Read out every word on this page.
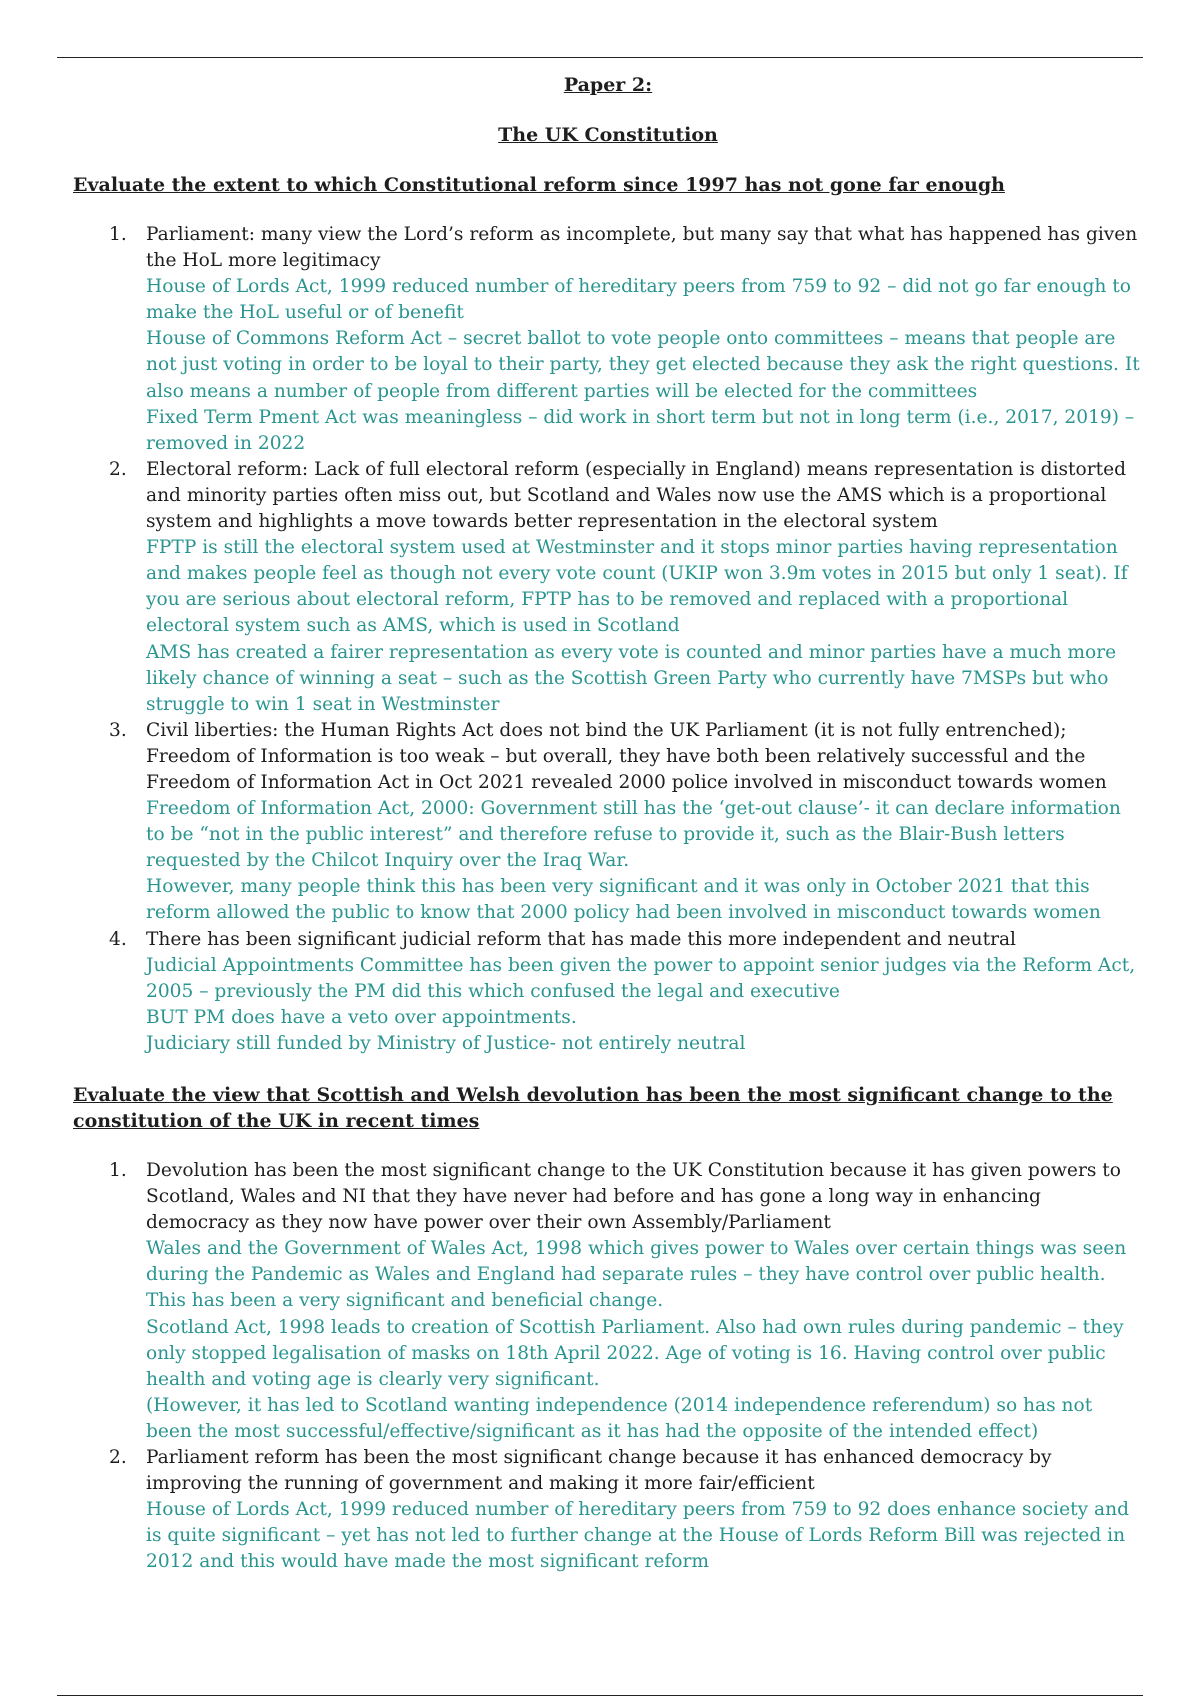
Paper 2:
The UK Constitution
Evaluate the extent to which Constitutional reform since 1997 has not gone far enough
1. Parliament: many view the Lord’s reform as incomplete, but many say that what has happened has given the HoL more legitimacy
House of Lords Act, 1999 reduced number of hereditary peers from 759 to 92 – did not go far enough to make the HoL useful or of benefit
House of Commons Reform Act – secret ballot to vote people onto committees – means that people are not just voting in order to be loyal to their party, they get elected because they ask the right questions. It also means a number of people from different parties will be elected for the committees
Fixed Term Pment Act was meaningless – did work in short term but not in long term (i.e., 2017, 2019) – removed in 2022
2. Electoral reform: Lack of full electoral reform (especially in England) means representation is distorted and minority parties often miss out, but Scotland and Wales now use the AMS which is a proportional system and highlights a move towards better representation in the electoral system
FPTP is still the electoral system used at Westminster and it stops minor parties having representation and makes people feel as though not every vote count (UKIP won 3.9m votes in 2015 but only 1 seat). If you are serious about electoral reform, FPTP has to be removed and replaced with a proportional electoral system such as AMS, which is used in Scotland
AMS has created a fairer representation as every vote is counted and minor parties have a much more likely chance of winning a seat – such as the Scottish Green Party who currently have 7MSPs but who struggle to win 1 seat in Westminster
3. Civil liberties: the Human Rights Act does not bind the UK Parliament (it is not fully entrenched); Freedom of Information is too weak – but overall, they have both been relatively successful and the Freedom of Information Act in Oct 2021 revealed 2000 police involved in misconduct towards women
Freedom of Information Act, 2000: Government still has the ‘get-out clause’- it can declare information to be “not in the public interest” and therefore refuse to provide it, such as the Blair-Bush letters requested by the Chilcot Inquiry over the Iraq War.
However, many people think this has been very significant and it was only in October 2021 that this reform allowed the public to know that 2000 policy had been involved in misconduct towards women
4. There has been significant judicial reform that has made this more independent and neutral
Judicial Appointments Committee has been given the power to appoint senior judges via the Reform Act, 2005 – previously the PM did this which confused the legal and executive
BUT PM does have a veto over appointments.
Judiciary still funded by Ministry of Justice- not entirely neutral
Evaluate the view that Scottish and Welsh devolution has been the most significant change to the constitution of the UK in recent times
1. Devolution has been the most significant change to the UK Constitution because it has given powers to Scotland, Wales and NI that they have never had before and has gone a long way in enhancing democracy as they now have power over their own Assembly/Parliament
Wales and the Government of Wales Act, 1998 which gives power to Wales over certain things was seen during the Pandemic as Wales and England had separate rules – they have control over public health. This has been a very significant and beneficial change.
Scotland Act, 1998 leads to creation of Scottish Parliament. Also had own rules during pandemic – they only stopped legalisation of masks on 18th April 2022. Age of voting is 16. Having control over public health and voting age is clearly very significant.
(However, it has led to Scotland wanting independence (2014 independence referendum) so has not been the most successful/effective/significant as it has had the opposite of the intended effect)
2. Parliament reform has been the most significant change because it has enhanced democracy by improving the running of government and making it more fair/efficient
House of Lords Act, 1999 reduced number of hereditary peers from 759 to 92 does enhance society and is quite significant – yet has not led to further change at the House of Lords Reform Bill was rejected in 2012 and this would have made the most significant reform
